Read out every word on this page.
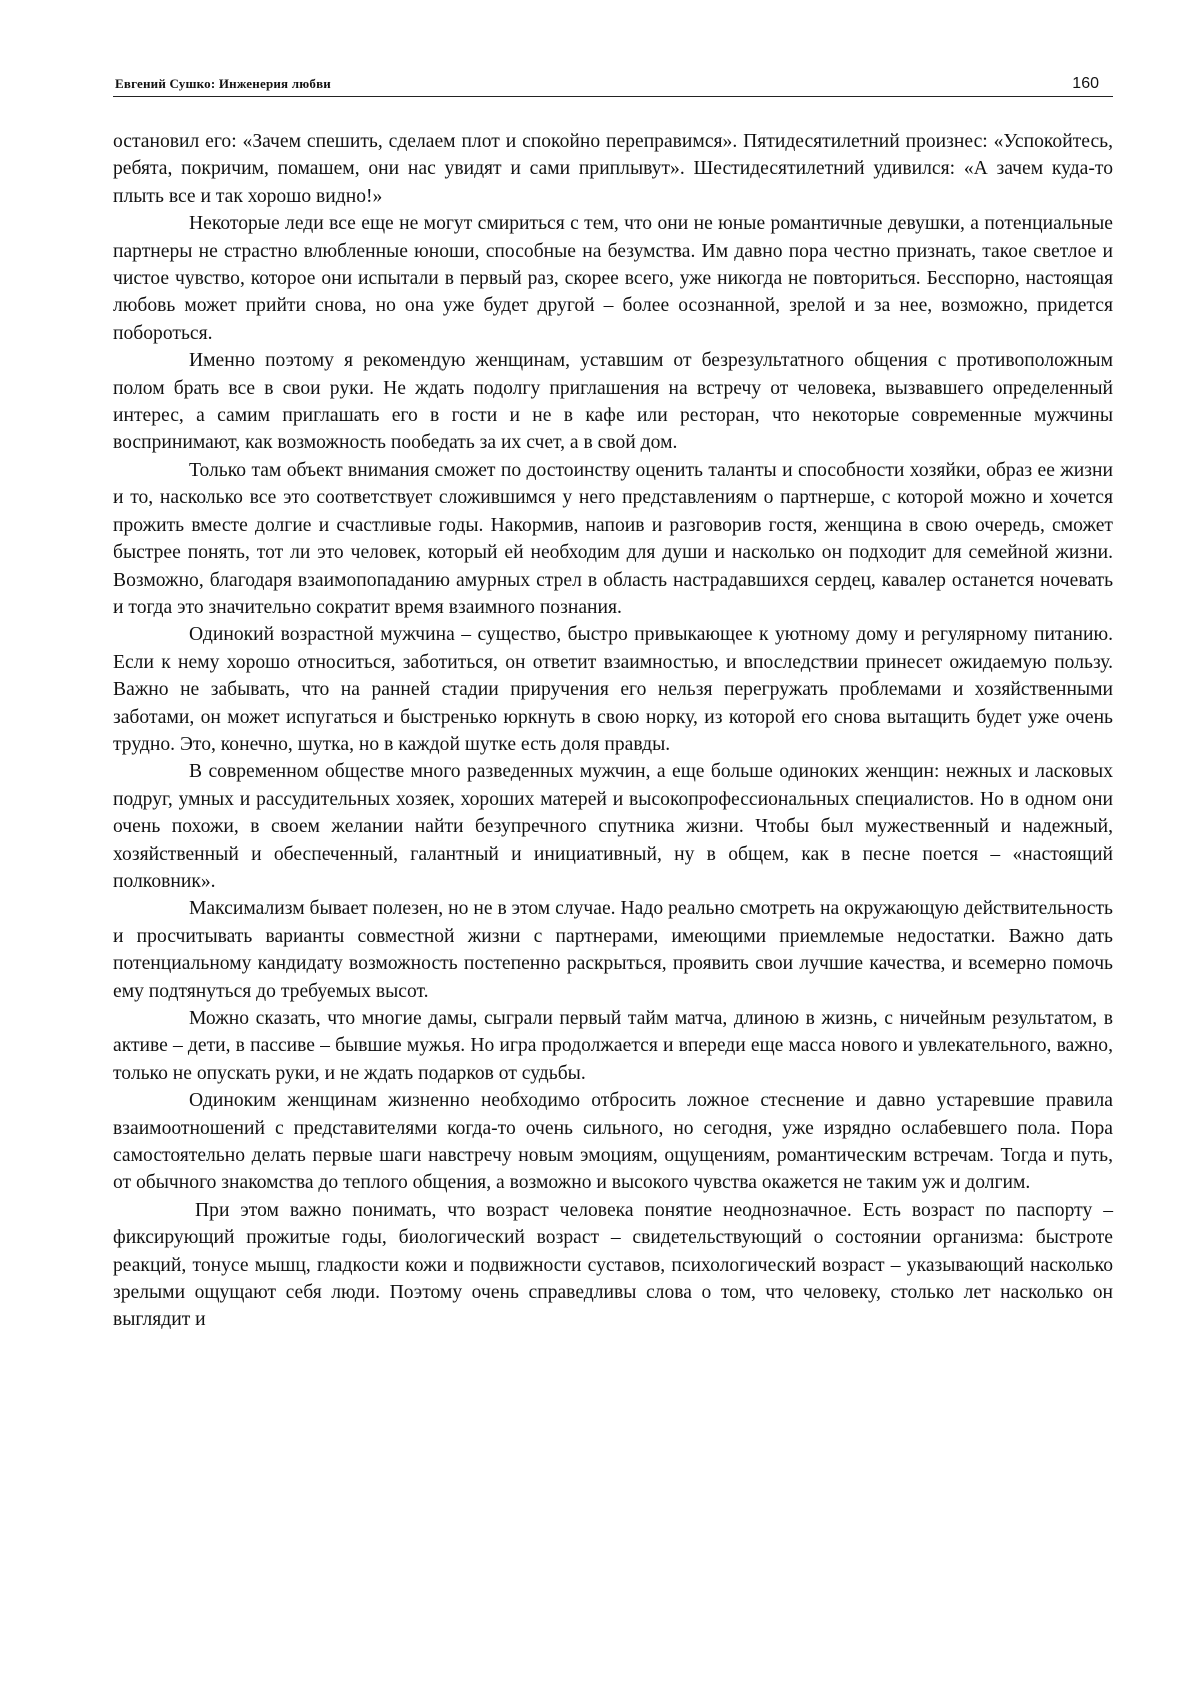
Евгений Сушко: Инженерия любви	160

остановил его: «Зачем спешить, сделаем плот и спокойно переправимся». Пятидесятилетний произнес: «Успокойтесь, ребята, покричим, помашем, они нас увидят и сами приплывут». Шестидесятилетний удивился: «А зачем куда-то плыть все и так хорошо видно!»

Некоторые леди все еще не могут смириться с тем, что они не юные романтичные девушки, а потенциальные партнеры не страстно влюбленные юноши, способные на безумства. Им давно пора честно признать, такое светлое и чистое чувство, которое они испытали в первый раз, скорее всего, уже никогда не повториться. Бесспорно, настоящая любовь может прийти снова, но она уже будет другой – более осознанной, зрелой и за нее, возможно, придется побороться.

Именно поэтому я рекомендую женщинам, уставшим от безрезультатного общения с противоположным полом брать все в свои руки. Не ждать подолгу приглашения на встречу от человека, вызвавшего определенный интерес, а самим приглашать его в гости и не в кафе или ресторан, что некоторые современные мужчины воспринимают, как возможность пообедать за их счет, а в свой дом.

Только там объект внимания сможет по достоинству оценить таланты и способности хозяйки, образ ее жизни и то, насколько все это соответствует сложившимся у него представлениям о партнерше, с которой можно и хочется прожить вместе долгие и счастливые годы. Накормив, напоив и разговорив гостя, женщина в свою очередь, сможет быстрее понять, тот ли это человек, который ей необходим для души и насколько он подходит для семейной жизни. Возможно, благодаря взаимопопаданию амурных стрел в область настрадавшихся сердец, кавалер останется ночевать и тогда это значительно сократит время взаимного познания.

Одинокий возрастной мужчина – существо, быстро привыкающее к уютному дому и регулярному питанию. Если к нему хорошо относиться, заботиться, он ответит взаимностью, и впоследствии принесет ожидаемую пользу. Важно не забывать, что на ранней стадии приручения его нельзя перегружать проблемами и хозяйственными заботами, он может испугаться и быстренько юркнуть в свою норку, из которой его снова вытащить будет уже очень трудно. Это, конечно, шутка, но в каждой шутке есть доля правды.

В современном обществе много разведенных мужчин, а еще больше одиноких женщин: нежных и ласковых подруг, умных и рассудительных хозяек, хороших матерей и высокопрофессиональных специалистов. Но в одном они очень похожи, в своем желании найти безупречного спутника жизни. Чтобы был мужественный и надежный, хозяйственный и обеспеченный, галантный и инициативный, ну в общем, как в песне поется – «настоящий полковник».

Максимализм бывает полезен, но не в этом случае. Надо реально смотреть на окружающую действительность и просчитывать варианты совместной жизни с партнерами, имеющими приемлемые недостатки. Важно дать потенциальному кандидату возможность постепенно раскрыться, проявить свои лучшие качества, и всемерно помочь ему подтянуться до требуемых высот.

Можно сказать, что многие дамы, сыграли первый тайм матча, длиною в жизнь, с ничейным результатом, в активе – дети, в пассиве – бывшие мужья. Но игра продолжается и впереди еще масса нового и увлекательного, важно, только не опускать руки, и не ждать подарков от судьбы.

Одиноким женщинам жизненно необходимо отбросить ложное стеснение и давно устаревшие правила взаимоотношений с представителями когда-то очень сильного, но сегодня, уже изрядно ослабевшего пола. Пора самостоятельно делать первые шаги навстречу новым эмоциям, ощущениям, романтическим встречам. Тогда и путь, от обычного знакомства до теплого общения, а возможно и высокого чувства окажется не таким уж и долгим.

При этом важно понимать, что возраст человека понятие неоднозначное. Есть возраст по паспорту – фиксирующий прожитые годы, биологический возраст – свидетельствующий о состоянии организма: быстроте реакций, тонусе мышц, гладкости кожи и подвижности суставов, психологический возраст – указывающий насколько зрелыми ощущают себя люди. Поэтому очень справедливы слова о том, что человеку, столько лет насколько он выглядит и
